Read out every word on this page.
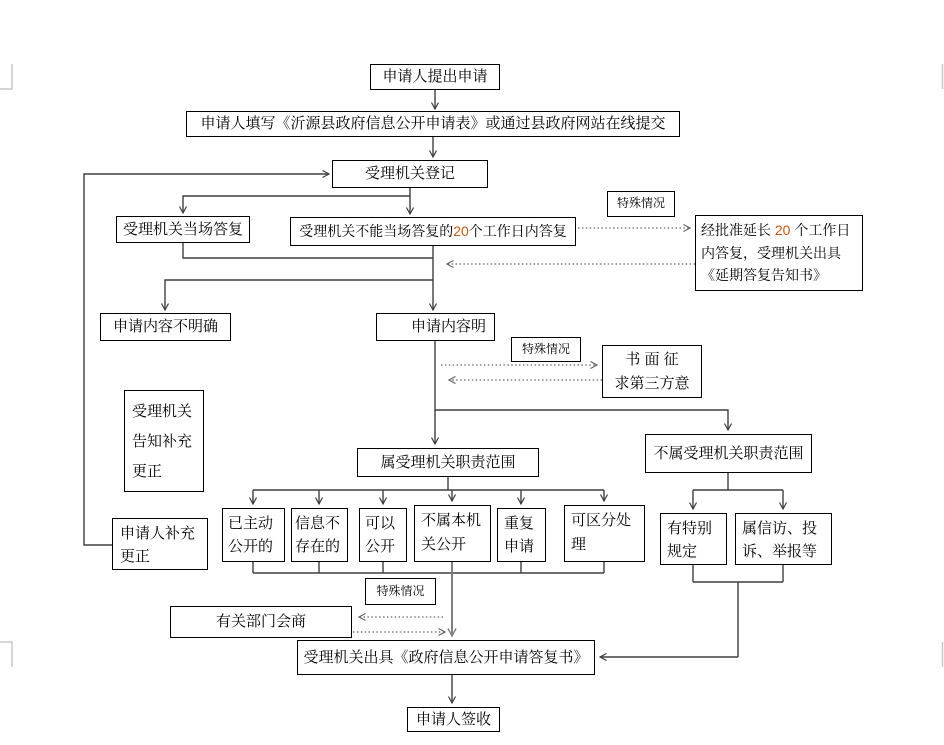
申请人提出申请
申请人填写《沂源县政府信息公开申请表》或通过县政府网站在线提交
受理机关登记
特殊情况
受理机关当场答复	受理机关不能当场答复的 20 个工作日内答复	经批准延长 20 个工作日内答复，受理机关出具《延期答复告知书》
申请内容不明确	申请内容明
特殊情况
书 面 征
求第三方意
受理机关告知补充更正
申请人补充更正
属受理机关职责范围
不属受理机关职责范围
已主动公开的
信息不存在的
可以公开
不属本机关公开
重复申请
可区分处理
有特别规定
属信访、投诉、举报等
特殊情况
有关部门会商
受理机关出具《政府信息公开申请答复书》
申请人签收
